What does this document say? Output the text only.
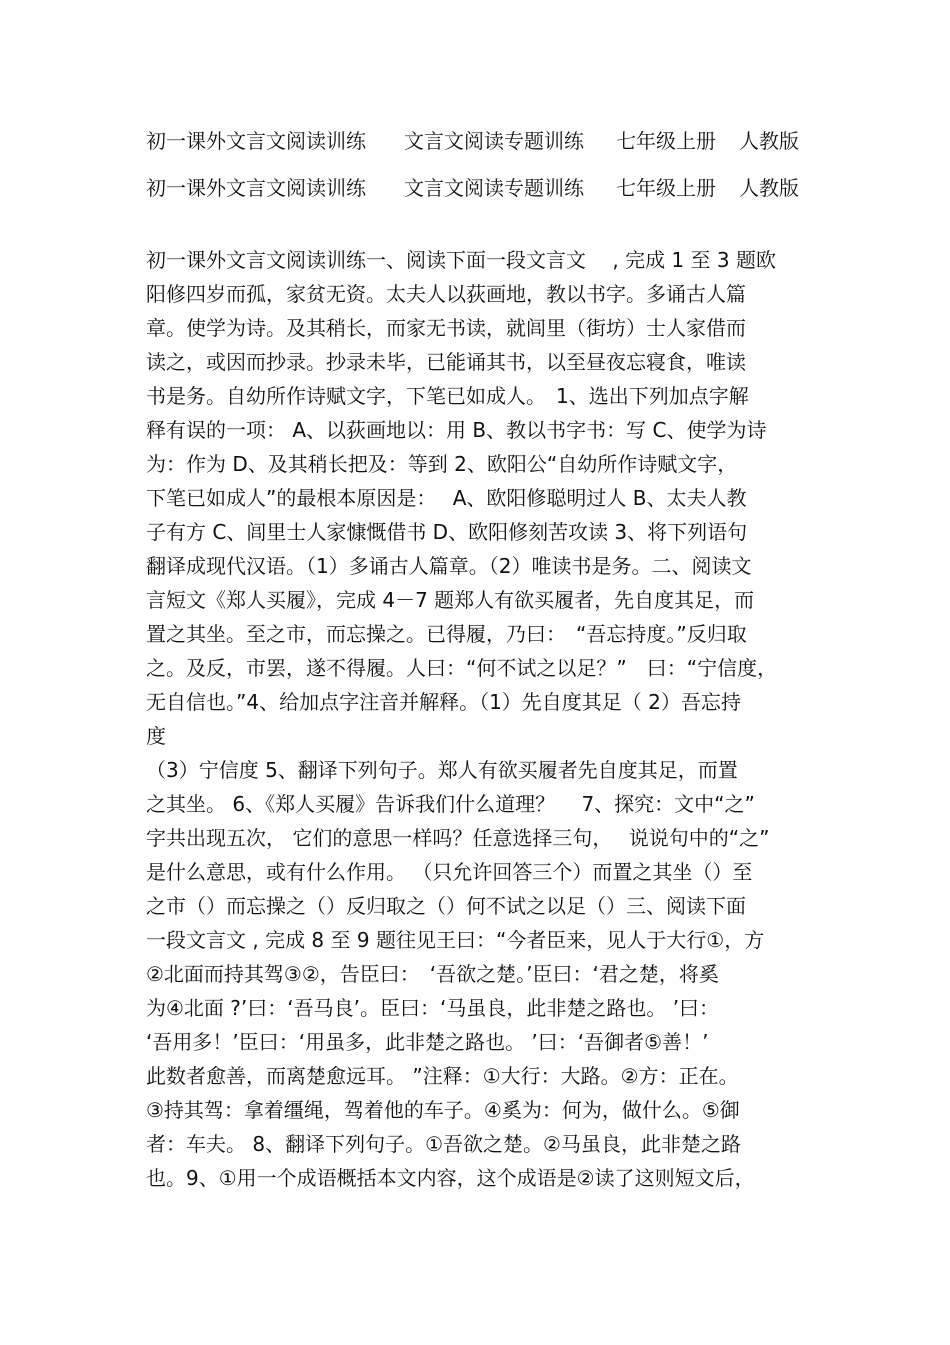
初一课外文言文阅读训练 文言文阅读专题训练 七年级上册 人教版
初一课外文言文阅读训练 文言文阅读专题训练 七年级上册 人教版
初一课外文言文阅读训练一、阅读下面一段文言文　 , 完成 1 至 3 题欧
阳修四岁而孤，家贫无资。太夫人以荻画地，教以书字。多诵古人篇
章。使学为诗。及其稍长，而家无书读，就闾里（街坊）士人家借而
读之，或因而抄录。抄录未毕，已能诵其书，以至昼夜忘寝食，唯读
书是务。自幼所作诗赋文字，下笔已如成人。　1、选出下列加点字解
释有误的一项： A、以荻画地以：用 B、教以书字书：写 C、使学为诗
为：作为 D、及其稍长把及：等到 2、欧阳公“自幼所作诗赋文字，
下笔已如成人”的最根本原因是：　 A、欧阳修聪明过人 B、太夫人教
子有方 C、闾里士人家慷慨借书 D、欧阳修刻苦攻读 3、将下列语句
翻译成现代汉语。（1）多诵古人篇章。（2）唯读书是务。二、阅读文
言短文《郑人买履》，完成 4－7 题郑人有欲买履者，先自度其足，而
置之其坐。至之市，而忘操之。已得履，乃曰：　“吾忘持度。”反归取
之。及反，市罢，遂不得履。人曰：“何不试之以足？”　曰：“宁信度，
无自信也。”4、给加点字注音并解释。（1）先自度其足（ 2）吾忘持
度
（3）宁信度 5、翻译下列句子。郑人有欲买履者先自度其足，而置
之其坐。 6、《郑人买履》告诉我们什么道理？　 7、探究：文中“之”
字共出现五次， 它们的意思一样吗？任意选择三句，　 说说句中的“之”
是什么意思，或有什么作用。 （只允许回答三个）而置之其坐（）至
之市（）而忘操之（）反归取之（）何不试之以足（）三、阅读下面
一段文言文 , 完成 8 至 9 题往见王曰：“今者臣来，见人于大行①，方
②北面而持其驾③②，告臣曰：　‘吾欲之楚。’臣曰：‘君之楚，将奚
为④北面 ?’曰：‘吾马良’。臣曰：‘马虽良，此非楚之路也。 ’曰：
‘吾用多！’臣曰：‘用虽多，此非楚之路也。 ’曰：‘吾御者⑤善！’
此数者愈善，而离楚愈远耳。 ”注释：①大行：大路。②方：正在。
③持其驾：拿着缰绳，驾着他的车子。④奚为：何为，做什么。⑤御
者：车夫。 8、翻译下列句子。①吾欲之楚。②马虽良，此非楚之路
也。9、①用一个成语概括本文内容，这个成语是②读了这则短文后，
